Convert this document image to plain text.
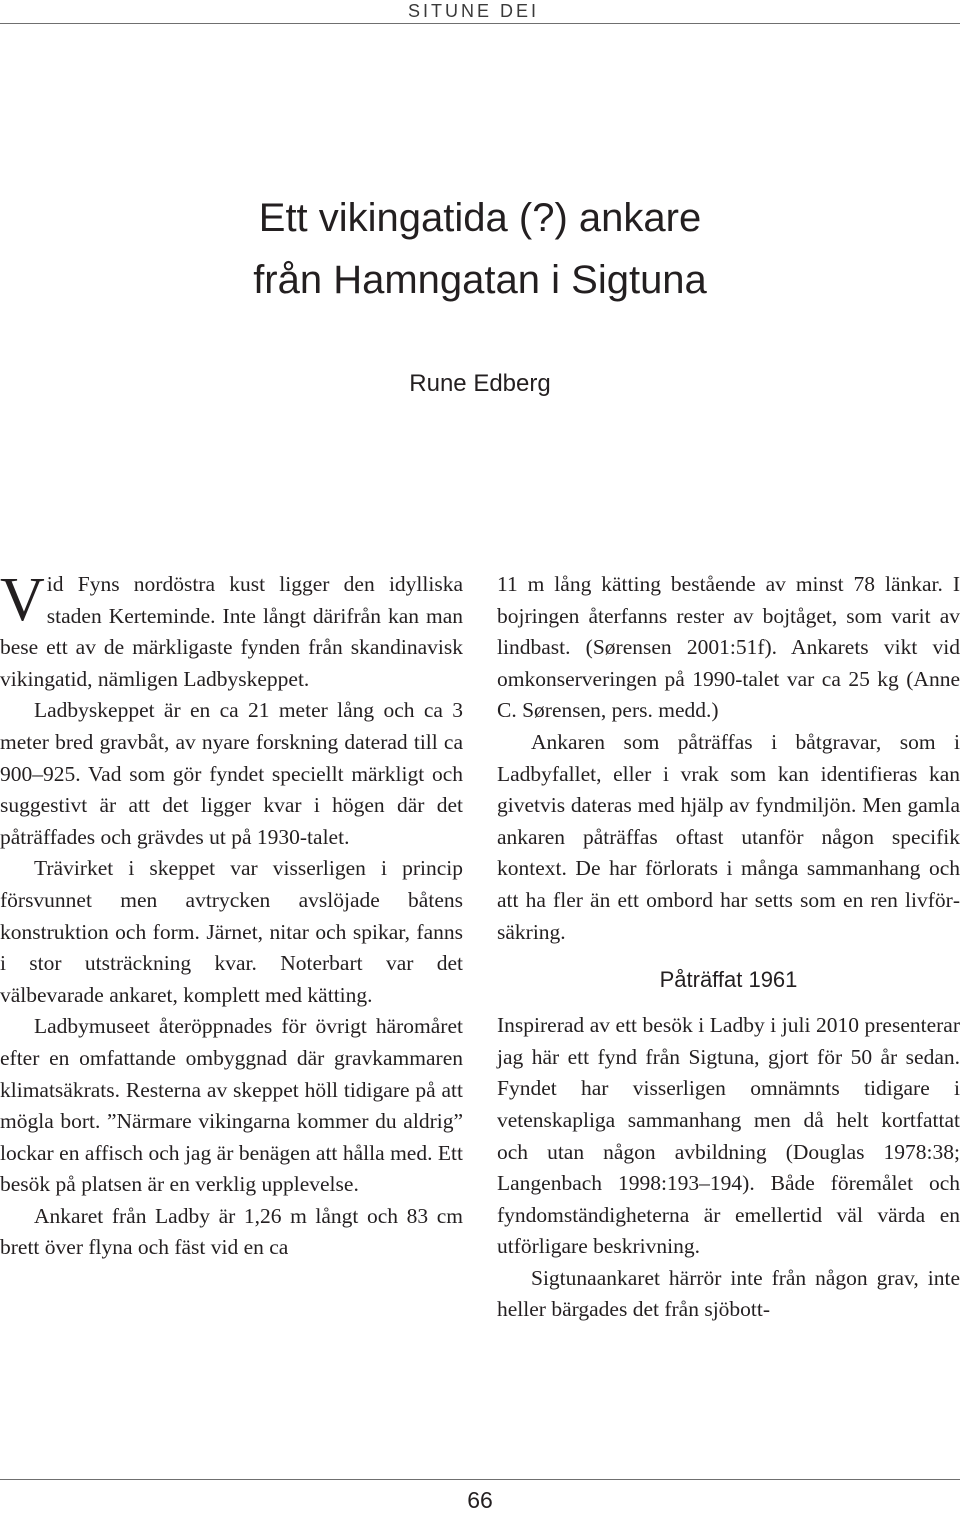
SITUNE DEI
Ett vikingatida (?) ankare
från Hamngatan i Sigtuna
Rune Edberg

Vid Fyns nordöstra kust ligger den idylliska staden Kerteminde. Inte långt därifrån kan man bese ett av de märkligaste fynden från skandinavisk vikingatid, nämligen Ladbyskeppet.

Ladbyskeppet är en ca 21 meter lång och ca 3 meter bred gravbåt, av nyare forskning daterad till ca 900–925. Vad som gör fyndet speciellt märkligt och suggestivt är att det ligger kvar i högen där det påträffades och grävdes ut på 1930-talet.

Trävirket i skeppet var visserligen i princip försvunnet men avtrycken avslöjade båtens konstruktion och form. Järnet, nitar och spikar, fanns i stor utsträckning kvar. Noterbart var det välbevarade ankaret, komplett med kätting.

Ladbymuseet återöppnades för övrigt häromåret efter en omfattande ombyggnad där gravkammaren klimatsäkrats. Resterna av skeppet höll tidigare på att mögla bort. ”Närmare vikingarna kommer du aldrig” lockar en affisch och jag är benägen att hålla med. Ett besök på platsen är en verklig upplevelse.

Ankaret från Ladby är 1,26 m långt och 83 cm brett över flyna och fäst vid en ca

11 m lång kätting bestående av minst 78 länkar. I bojringen återfanns rester av bojtåget, som varit av lindbast. (Sørensen 2001:51f). Ankarets vikt vid omkonserveringen på 1990-talet var ca 25 kg (Anne C. Sørensen, pers. medd.)

Ankaren som påträffas i båtgravar, som i Ladbyfallet, eller i vrak som kan identifieras kan givetvis dateras med hjälp av fyndmiljön. Men gamla ankaren påträffas oftast utanför någon specifik kontext. De har förlorats i många sammanhang och att ha fler än ett ombord har setts som en ren livförsäkring.

Påträffat 1961

Inspirerad av ett besök i Ladby i juli 2010 presenterar jag här ett fynd från Sigtuna, gjort för 50 år sedan. Fyndet har visserligen omnämnts tidigare i vetenskapliga sammanhang men då helt kortfattat och utan någon avbildning (Douglas 1978:38; Langenbach 1998:193–194). Både föremålet och fyndomständigheterna är emellertid väl värda en utförligare beskrivning.

Sigtunaankaret härrör inte från någon grav, inte heller bärgades det från sjöbott-

66
